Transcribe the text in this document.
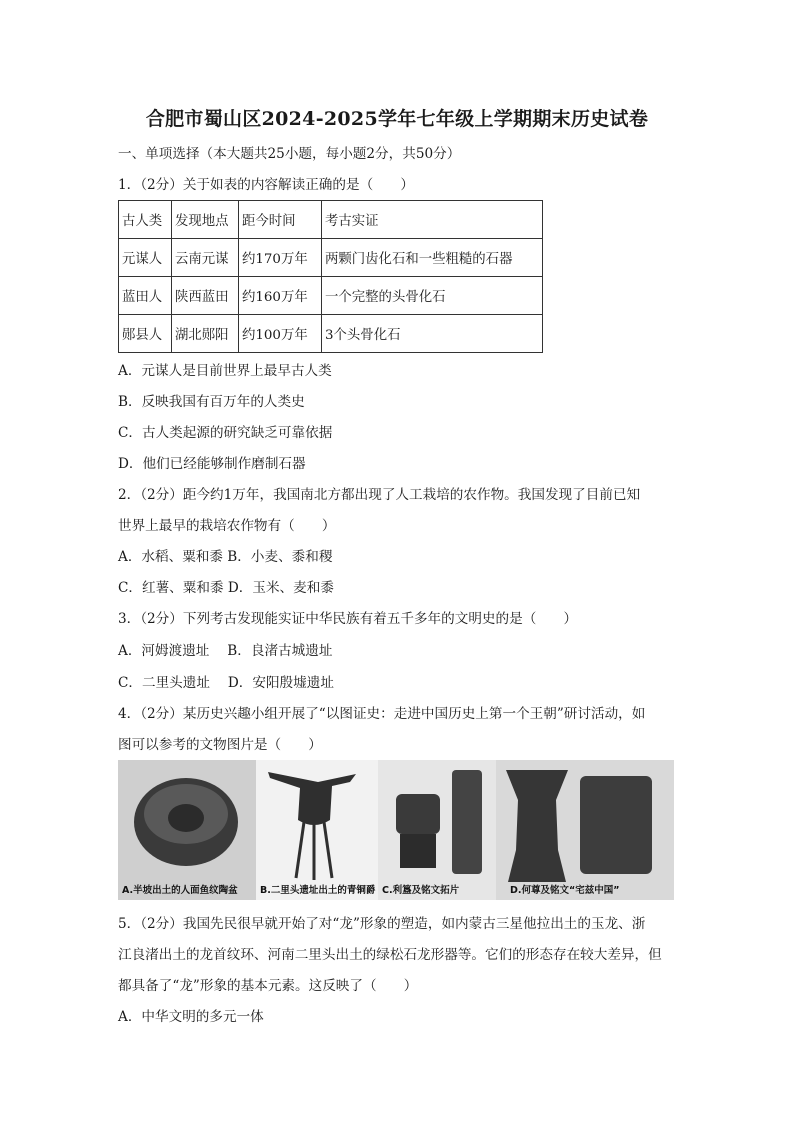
合肥市蜀山区2024-2025学年七年级上学期期末历史试卷
一、单项选择（本大题共25小题，每小题2分，共50分）
1．（2分）关于如表的内容解读正确的是（　　）
古人类	发现地点	距今时间	考古实证
元谋人	云南元谋	约170万年	两颗门齿化石和一些粗糙的石器
蓝田人	陕西蓝田	约160万年	一个完整的头骨化石
郧县人	湖北郧阳	约100万年	3个头骨化石
A．元谋人是目前世界上最早古人类
B．反映我国有百万年的人类史
C．古人类起源的研究缺乏可靠依据
D．他们已经能够制作磨制石器
2．（2分）距今约1万年，我国南北方都出现了人工栽培的农作物。我国发现了目前已知
世界上最早的栽培农作物有（　　）
A．水稻、粟和黍 B．小麦、黍和稷
C．红薯、粟和黍 D．玉米、麦和黍
3．（2分）下列考古发现能实证中华民族有着五千多年的文明史的是（　　）
A．河姆渡遗址　 B．良渚古城遗址
C．二里头遗址　 D．安阳殷墟遗址
4．（2分）某历史兴趣小组开展了“以图证史：走进中国历史上第一个王朝”研讨活动，如
图可以参考的文物图片是（　　）
A.半坡出土的人面鱼纹陶盆 B.二里头遗址出土的青铜爵 C.利簋及铭文拓片	D.何尊及铭文“宅兹中国”
5．（2分）我国先民很早就开始了对“龙”形象的塑造，如内蒙古三星他拉出土的玉龙、浙
江良渚出土的龙首纹环、河南二里头出土的绿松石龙形器等。它们的形态存在较大差异，但
都具备了“龙”形象的基本元素。这反映了（　　）
A．中华文明的多元一体
